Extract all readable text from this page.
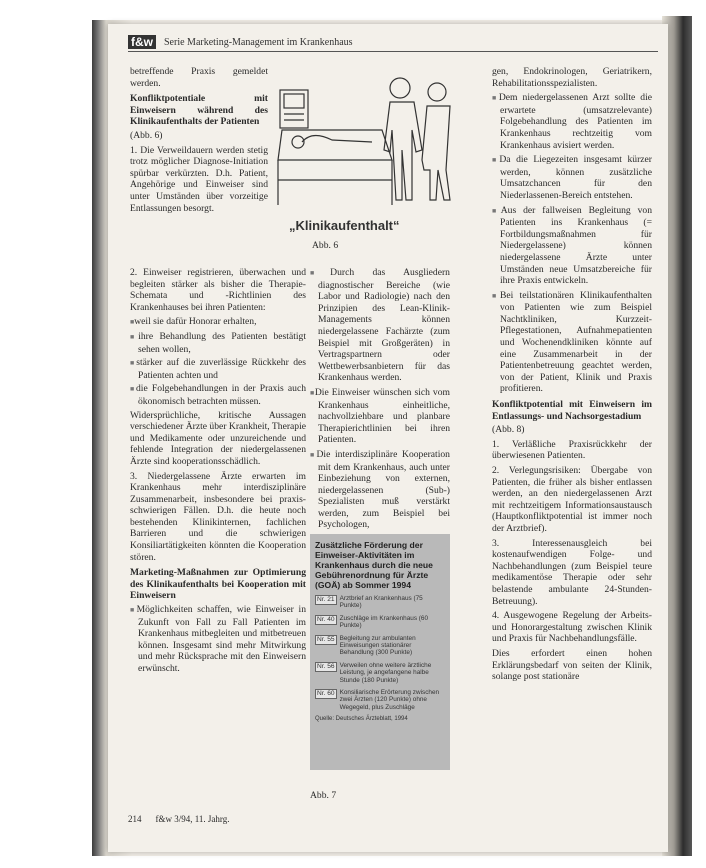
f&w	Serie Marketing-Management im Krankenhaus

betreffende Praxis gemeldet werden.

Konfliktpotentiale mit Einweisern während des Klinikaufenthalts der Patienten

(Abb. 6)

1. Die Verweildauern werden stetig trotz möglicher Diagnose-Initiation spürbar verkürzten. D.h. Patient, Angehörige und Einweiser sind unter Umständen über vorzeitige Entlassungen besorgt.

2. Einweiser registrieren, überwachen und begleiten stärker als bisher die Therapie-Schemata und -Richtlinien des Krankenhauses bei ihren Patienten:

■ weil sie dafür Honorar erhalten,
■ ihre Behandlung des Patienten bestätigt sehen wollen,
■ stärker auf die zuverlässige Rückkehr des Patienten achten und
■ die Folgebehandlungen in der Praxis auch ökonomisch betrachten müssen.

Widersprüchliche, kritische Aussagen verschiedener Ärzte über Krankheit, Therapie und Medikamente oder unzureichende und fehlende Integration der niedergelassenen Ärzte sind kooperationsschädlich.

3. Niedergelassene Ärzte erwarten im Krankenhaus mehr interdisziplinäre Zusammenarbeit, insbesondere bei praxis-schwierigen Fällen. D.h. die heute noch bestehenden Klinikinternen, fachlichen Barrieren und die schwierigen Konsiliartätigkeiten könnten die Kooperation stören.

Marketing-Maßnahmen zur Optimierung des Klinikaufenthalts bei Kooperation mit Einweisern

■ Möglichkeiten schaffen, wie Einweiser in Zukunft von Fall zu Fall Patienten im Krankenhaus mitbegleiten und mitbetreuen können. Insgesamt sind mehr Mitwirkung und mehr Rücksprache mit den Einweisern erwünscht.

„Klinikaufenthalt“
Abb. 6

■ Durch das Ausgliedern diagnostischer Bereiche (wie Labor und Radiologie) nach den Prinzipien des Lean-Klinik-Managements können niedergelassene Fachärzte (zum Beispiel mit Großgeräten) in Vertragspartnern oder Wettbewerbsanbietern für das Krankenhaus werden.

■ Die Einweiser wünschen sich vom Krankenhaus einheitliche, nachvollziehbare und planbare Therapierichtlinien bei ihren Patienten.

■ Die interdisziplinäre Kooperation mit dem Krankenhaus, auch unter Einbeziehung von externen, niedergelassenen (Sub-) Spezialisten muß verstärkt werden, zum Beispiel bei Psychologen,

Zusätzliche Förderung der Einweiser-Aktivitäten im Krankenhaus durch die neue Gebührenordnung für Ärzte (GOÄ) ab Sommer 1994
Nr. 21 Arztbrief an Krankenhaus (75 Punkte)
Nr. 40 Zuschläge im Krankenhaus (60 Punkte)
Nr. 55 Begleitung zur ambulanten Einweisungen stationärer Behandlung (300 Punkte)
Nr. 56 Verweilen ohne weitere ärztliche Leistung, je angefangene halbe Stunde (180 Punkte)
Nr. 60 Konsiliarische Erörterung zwischen zwei Ärzten (120 Punkte) ohne Wegegeld, plus Zuschläge
Quelle: Deutsches Ärzteblatt, 1994
Abb. 7

gen, Endokrinologen, Geriatrikern, Rehabilitationsspezialisten.

■ Dem niedergelassenen Arzt sollte die erwartete (umsatzrelevante) Folgebehandlung des Patienten im Krankenhaus rechtzeitig vom Krankenhaus avisiert werden.

■ Da die Liegezeiten insgesamt kürzer werden, können zusätzliche Umsatzchancen für den Niederlassenen-Bereich entstehen.

■ Aus der fallweisen Begleitung von Patienten ins Krankenhaus (= Fortbildungsmaßnahmen für Niedergelassene) können niedergelassene Ärzte unter Umständen neue Umsatzbereiche für ihre Praxis entwickeln.

■ Bei teilstationären Klinikaufenthalten von Patienten wie zum Beispiel Nachtkliniken, Kurzzeit-Pflegestationen, Aufnahmepatienten und Wochenendkliniken könnte auf eine Zusammenarbeit in der Patientenbetreuung geachtet werden, von der Patient, Klinik und Praxis profitieren.

Konfliktpotential mit Einweisern im Entlassungs- und Nachsorgestadium

(Abb. 8)

1. Verläßliche Praxisrückkehr der überwiesenen Patienten.

2. Verlegungsrisiken: Übergabe von Patienten, die früher als bisher entlassen werden, an den niedergelassenen Arzt mit rechtzeitigem Informationsaustausch (Hauptkonfliktpotential ist immer noch der Arztbrief).

3. Interessenausgleich bei kostenaufwendigen Folge- und Nachbehandlungen (zum Beispiel teure medikamentöse Therapie oder sehr belastende ambulante 24-Stunden-Betreuung).

4. Ausgewogene Regelung der Arbeits- und Honorargestaltung zwischen Klinik und Praxis für Nachbehandlungsfälle.

Dies erfordert einen hohen Erklärungsbedarf von seiten der Klinik, solange post stationäre

214 f&w 3/94, 11. Jahrg.
